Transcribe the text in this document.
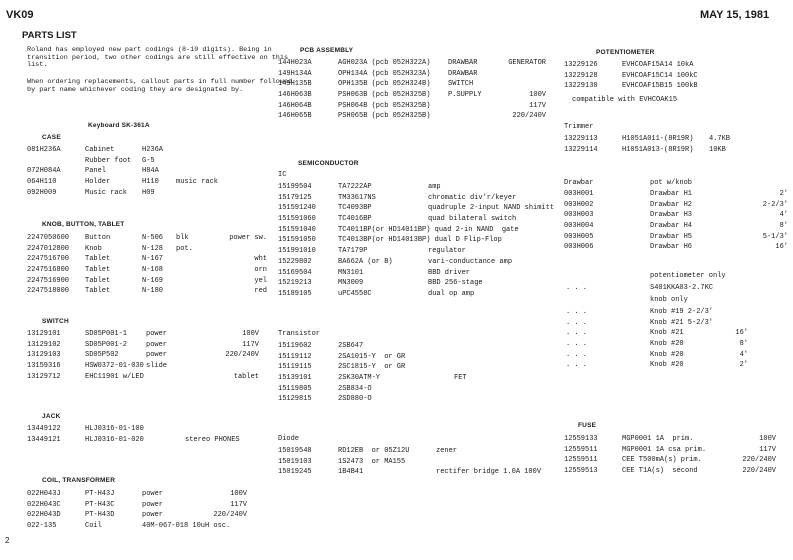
VK09	MAY 15, 1981
PARTS LIST
2
Roland has employed new part codings (8-10 digits). Being in transition period, two other codings are still effective on this list.
When ordering replacements, callout parts in full number followed by part name whichever coding they are designated by.
Keyboard SK-361A
CASE
081H236A	Cabinet	H236A
Rubber foot G-5
072H084A	Panel	H84A
064H110	Holder	H110 music rack
092H009	Music rack H09
KNOB, BUTTON, TABLET
2247050600 Button	N-506 blk	power sw.
2247012800 Knob	N-128 pot.
2247516700 Tablet	N-167	wht
2247516800 Tablet	N-168	orn
2247516900 Tablet	N-169	yel
2247518000 Tablet	N-180	red
SWITCH
13129101	SD05P001-1	power	100V
13129102	SD05P001-2	power	117V
13129103	SD05P502	power	220/240V
13159316	HSW0372-01-030 slide
13129712	EHC11901 w/LED	tablet
JACK
13449122	HLJ0316-01-100
13449121	HLJ0316-01-020	stereo PHONES
COIL, TRANSFORMER
022H043J	PT-H43J	power	100V
022H043C	PT-H43C	power	117V
022H043D	PT-H43D	power	220/240V
022-135	Coil	40M-067-018 10uH osc.
PCB ASSEMBLY
144H023A	AGH023A (pcb 052H322A)	DRAWBAR	GENERATOR
149H134A	OPH134A (pcb 052H323A)	DRAWBAR
149H135B	OPH135B (pcb 052H324B)	SWITCH
146H063B	PSH063B (pcb 052H325B)	P.SUPPLY	100V
146H064B	PSH064B (pcb 052H325B)	117V
146H065B	PSH065B (pcb 052H325B)	220/240V
SEMICONDUCTOR
IC
15199504	TA7222AP	amp
15179125	TM33617NS	chromatic div'r/keyer
151591240	TC4093BP	quadruple 2-input NAND shimitt
151591060	TC4016BP	quad bilateral switch
151591040	TC4011BP(or HD14011BP) quad 2-in NAND  gate
151591050	TC4013BP(or HD14013BP) dual D Flip-Flop
151991010	TA7179P	regulator
15229802	BA662A (or B)	vari-conductance amp
15169504	MN3101	BBD driver
15219213	MN3009	BBD 256-stage
15189105	uPC4558C	dual op amp
Transistor
15119602	2SB647
15119112	2SA1015-Y  or GR
15119115	2SC1815-Y  or GR
15139101	2SK30ATM-Y	FET
15119805	2SB834-O
15129815	2SD880-O
Diode
15019548	RD12EB  or 05Z12U	zener
15019103	1S2473  or MA155
15019245	1B4B41	rectifer bridge 1.0A 100V
POTENTIOMETER
13229126	EVHCOAF15A14 10kA
13229128	EVHCOAF15C14 100kC
13229130	EVHCOAF15B15 100kB
compatible with EVHCOAK15
Trimmer
13229113	H1051A011-(8R19R) 4.7KB
13229114	H1051A013-(8R19R) 10KB
Drawbar	pot w/knob
003H001	Drawbar H1	2'
003H002	Drawbar H2	2-2/3'
003H003	Drawbar H3	4'
003H004	Drawbar H4	8'
003H005	Drawbar H5	5-1/3'
003H006	Drawbar H6	16'
potentiometer only
. . .	S401KKA03-2.7KC
knob only
. . .	Knob #19 2-2/3'
. . .	Knob #21 5-2/3'
. . .	Knob #21	16'
. . .	Knob #20	8'
. . .	Knob #20	4'
. . .	Knob #20	2'
FUSE
12559133	MGP0001 1A  prim.	100V
12559511	MGP0001 1A csa prim.	117V
12559511	CEE T500mA(s) prim.	220/240V
12559513	CEE T1A(s)  second	220/240V
